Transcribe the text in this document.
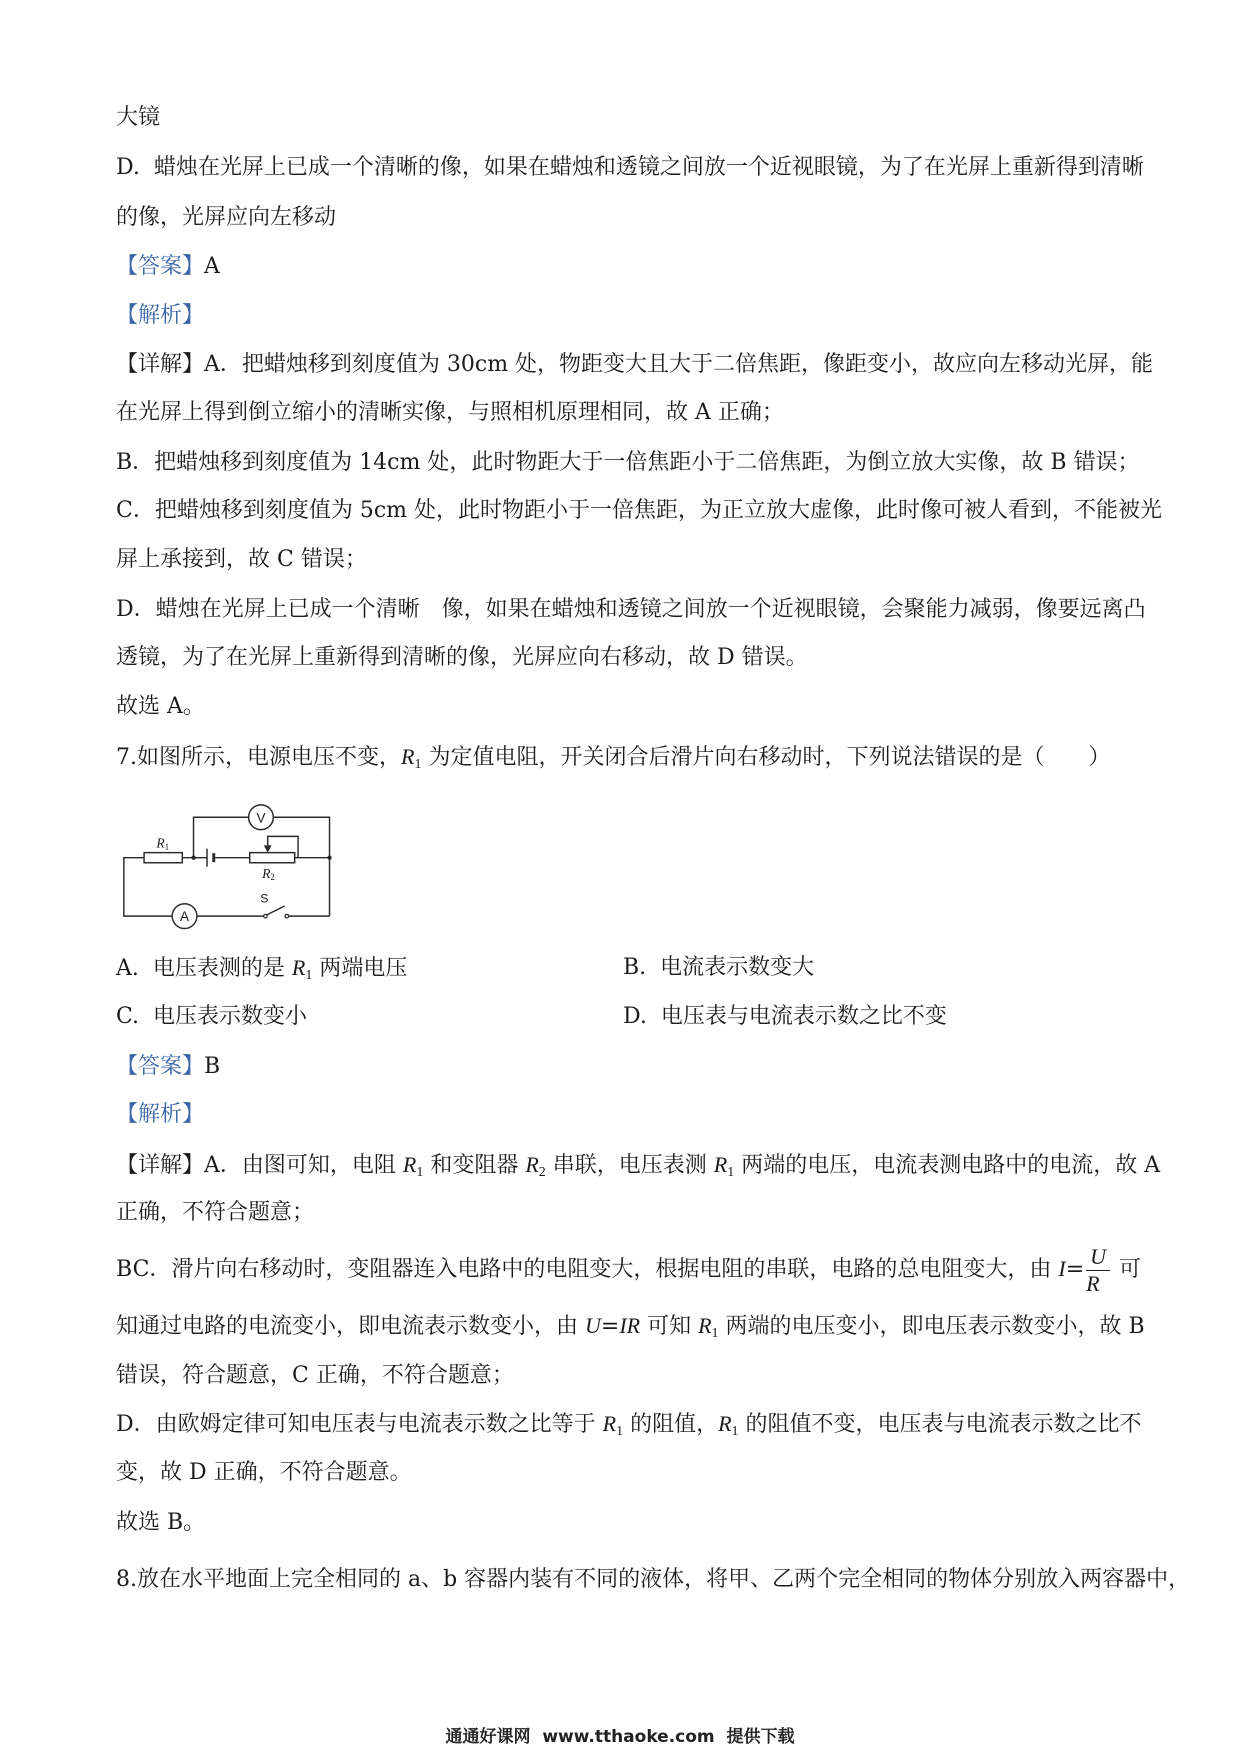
大镜
D.  蜡烛在光屏上已成一个清晰的像，如果在蜡烛和透镜之间放一个近视眼镜，为了在光屏上重新得到清晰
的像，光屏应向左移动
【答案】A
【解析】
【详解】A．把蜡烛移到刻度值为 30cm 处，物距变大且大于二倍焦距，像距变小，故应向左移动光屏，能
在光屏上得到倒立缩小的清晰实像，与照相机原理相同，故 A 正确；
B．把蜡烛移到刻度值为 14cm 处，此时物距大于一倍焦距小于二倍焦距，为倒立放大实像，故 B 错误；
C．把蜡烛移到刻度值为 5cm 处，此时物距小于一倍焦距，为正立放大虚像，此时像可被人看到，不能被光
屏上承接到，故 C 错误；
D．蜡烛在光屏上已成一个清晰　像，如果在蜡烛和透镜之间放一个近视眼镜，会聚能力减弱，像要远离凸
透镜，为了在光屏上重新得到清晰的像，光屏应向右移动，故 D 错误。
故选 A。
7.如图所示，电源电压不变，$R_1$ 为定值电阻，开关闭合后滑片向右移动时，下列说法错误的是（　　）
V
A
S
R1
R2
A.  电压表测的是 $R_1$ 两端电压	B.  电流表示数变大
C.  电压表示数变小	D.  电压表与电流表示数之比不变
【答案】B
【解析】
【详解】A．由图可知，电阻 $R_1$ 和变阻器 $R_2$ 串联，电压表测 $R_1$ 两端的电压，电流表测电路中的电流，故 A
正确，不符合题意；
BC．滑片向右移动时，变阻器连入电路中的电阻变大，根据电阻的串联，电路的总电阻变大，由 $I= \frac{U}{R}$ 可
知通过电路的电流变小，即电流表示数变小，由 U=IR 可知 $R_1$ 两端的电压变小，即电压表示数变小，故 B
错误，符合题意，C 正确，不符合题意；
D．由欧姆定律可知电压表与电流表示数之比等于 $R_1$ 的阻值，$R_1$ 的阻值不变，电压表与电流表示数之比不
变，故 D 正确，不符合题意。
故选 B。
8.放在水平地面上完全相同的 a、b 容器内装有不同的液体，将甲、乙两个完全相同的物体分别放入两容器中，
通通好课网  www.tthaoke.com  提供下载
